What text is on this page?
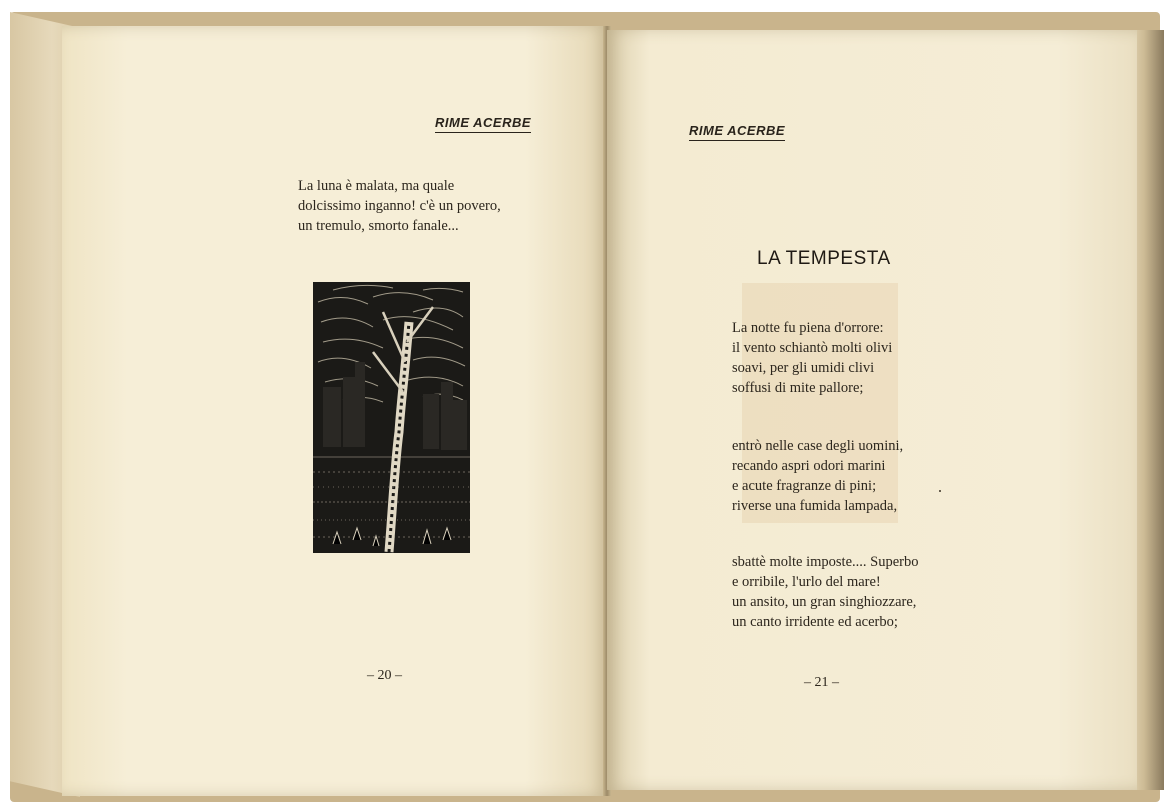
RIME ACERBE
La luna è malata, ma quale
dolcissimo inganno! c'è un povero,
un tremulo, smorto fanale...
– 20 –
RIME ACERBE
LA TEMPESTA
La notte fu piena d'orrore:
il vento schiantò molti olivi
soavi, per gli umidi clivi
soffusi di mite pallore;
entrò nelle case degli uomini,
recando aspri odori marini
e acute fragranze di pini;
riverse una fumida lampada,
sbattè molte imposte.... Superbo
e orribile, l'urlo del mare!
un ansito, un gran singhiozzare,
un canto irridente ed acerbo;
– 21 –
